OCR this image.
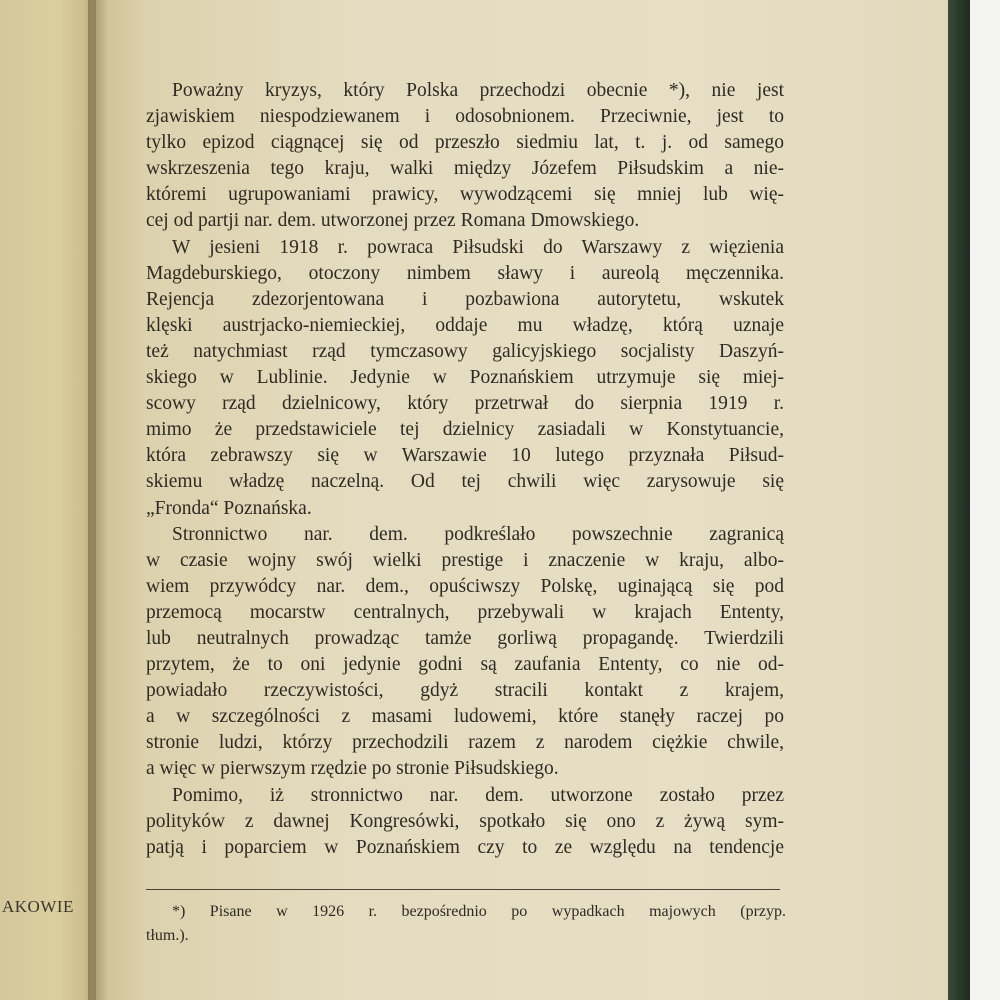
AKOWIE
Poważny kryzys, który Polska przechodzi obecnie *), nie jest
zjawiskiem niespodziewanem i odosobnionem. Przeciwnie, jest to
tylko epizod ciągnącej się od przeszło siedmiu lat, t. j. od samego
wskrzeszenia tego kraju, walki między Józefem Piłsudskim a nie-
któremi ugrupowaniami prawicy, wywodzącemi się mniej lub wię-
cej od partji nar. dem. utworzonej przez Romana Dmowskiego.
W jesieni 1918 r. powraca Piłsudski do Warszawy z więzienia
Magdeburskiego, otoczony nimbem sławy i aureolą męczennika.
Rejencja zdezorjentowana i pozbawiona autorytetu, wskutek
klęski austrjacko-niemieckiej, oddaje mu władzę, którą uznaje
też natychmiast rząd tymczasowy galicyjskiego socjalisty Daszyń-
skiego w Lublinie. Jedynie w Poznańskiem utrzymuje się miej-
scowy rząd dzielnicowy, który przetrwał do sierpnia 1919 r.
mimo że przedstawiciele tej dzielnicy zasiadali w Konstytuancie,
która zebrawszy się w Warszawie 10 lutego przyznała Piłsud-
skiemu władzę naczelną. Od tej chwili więc zarysowuje się
„Fronda“ Poznańska.
Stronnictwo nar. dem. podkreślało powszechnie zagranicą
w czasie wojny swój wielki prestige i znaczenie w kraju, albo-
wiem przywódcy nar. dem., opuściwszy Polskę, uginającą się pod
przemocą mocarstw centralnych, przebywali w krajach Ententy,
lub neutralnych prowadząc tamże gorliwą propagandę. Twierdzili
przytem, że to oni jedynie godni są zaufania Ententy, co nie od-
powiadało rzeczywistości, gdyż stracili kontakt z krajem,
a w szczególności z masami ludowemi, które stanęły raczej po
stronie ludzi, którzy przechodzili razem z narodem ciężkie chwile,
a więc w pierwszym rzędzie po stronie Piłsudskiego.
Pomimo, iż stronnictwo nar. dem. utworzone zostało przez
polityków z dawnej Kongresówki, spotkało się ono z żywą sym-
patją i poparciem w Poznańskiem czy to ze względu na tendencje
*) Pisane w 1926 r. bezpośrednio po wypadkach majowych (przyp.
tłum.).
